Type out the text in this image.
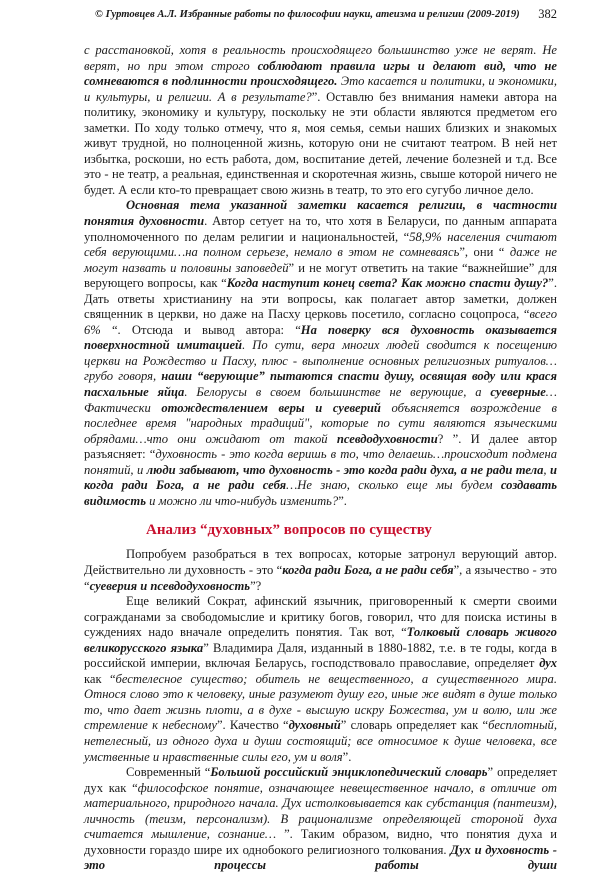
© Гуртовцев А.Л. Избранные работы по философии науки, атеизма и религии (2009-2019) 382

с расстановкой, хотя в реальность происходящего большинство уже не верят. Не верят, но при этом строго соблюдают правила игры и делают вид, что не сомневаются в подлинности происходящего. Это касается и политики, и экономики, и культуры, и религии. А в результате?”. Оставлю без внимания намеки автора на политику, экономику и культуру, поскольку не эти области являются предметом его заметки. По ходу только отмечу, что я, моя семья, семьи наших близких и знакомых живут трудной, но полноценной жизнь, которую они не считают театром. В ней нет избытка, роскоши, но есть работа, дом, воспитание детей, лечение болезней и т.д. Все это - не театр, а реальная, единственная и скоротечная жизнь, свыше которой ничего не будет. А если кто-то превращает свою жизнь в театр, то это его сугубо личное дело.

Основная тема указанной заметки касается религии, в частности понятия духовности. Автор сетует на то, что хотя в Беларуси, по данным аппарата уполномоченного по делам религии и национальностей, “58,9% населения считают себя верующими…на полном серьезе, немало в этом не сомневаясь”, они “ даже не могут назвать и половины заповедей” и не могут ответить на такие “важнейшие” для верующего вопросы, как “Когда наступит конец света? Как можно спасти душу?”. Дать ответы христианину на эти вопросы, как полагает автор заметки, должен священник в церкви, но даже на Пасху церковь посетило, согласно соцопроса, “всего 6% “. Отсюда и вывод автора: “На поверку вся духовность оказывается поверхностной имитацией. По сути, вера многих людей сводится к посещению церкви на Рождество и Пасху, плюс - выполнение основных религиозных ритуалов…грубо говоря, наши “верующие” пытаются спасти душу, освящая воду или крася пасхальные яйца. Белорусы в своем большинстве не верующие, а суеверные…Фактически отождествлением веры и суеверий объясняется возрождение в последнее время "народных традиций", которые по сути являются языческими обрядами…что они ожидают от такой псевдодуховности? ”. И далее автор разъясняет: “духовность - это когда веришь в то, что делаешь…происходит подмена понятий, и люди забывают, что духовность - это когда ради духа, а не ради тела, и когда ради Бога, а не ради себя…Не знаю, сколько еще мы будем создавать видимость и можно ли что-нибудь изменить?”.

Анализ “духовных” вопросов по существу

Попробуем разобраться в тех вопросах, которые затронул верующий автор. Действительно ли духовность - это “когда ради Бога, а не ради себя”, а язычество - это “суеверия и псевдодуховность”?

Еще великий Сократ, афинский язычник, приговоренный к смерти своими согражданами за свободомыслие и критику богов, говорил, что для поиска истины в суждениях надо вначале определить понятия. Так вот, “Толковый словарь живого великорусского языка” Владимира Даля, изданный в 1880-1882, т.е. в те годы, когда в российской империи, включая Беларусь, господствовало православие, определяет дух как “бестелесное существо; обитель не вещественного, а существенного мира. Относя слово это к человеку, иные разумеют душу его, иные же видят в душе только то, что дает жизнь плоти, а в духе - высшую искру Божества, ум и волю, или же стремление к небесному”. Качество “духовный” словарь определяет как “бесплотный, нетелесный, из одного духа и души состоящий; все относимое к душе человека, все умственные и нравственные силы его, ум и воля”.

Современный “Большой российский энциклопедический словарь” определяет дух как “философское понятие, означающее невещественное начало, в отличие от материального, природного начала. Дух истолковывается как субстанция (пантеизм), личность (теизм, персонализм). В рационализме определяющей стороной духа считается мышление, сознание… ”. Таким образом, видно, что понятия духа и духовности гораздо шире их однобокого религиозного толкования. Дух и духовность - это процессы работы души
